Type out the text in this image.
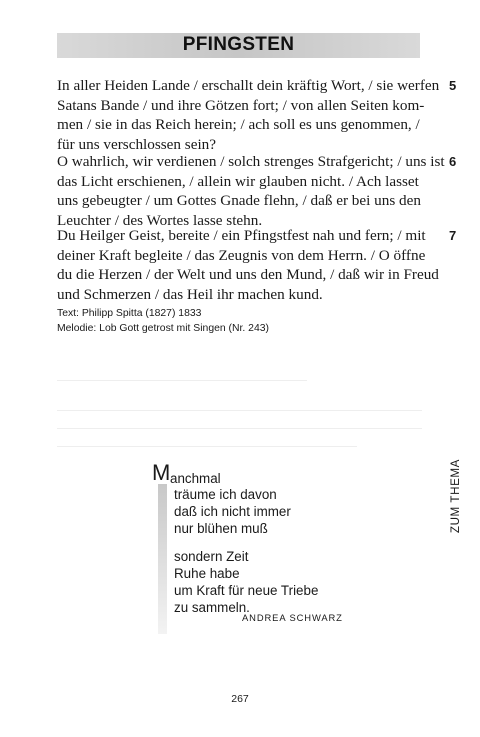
PFINGSTEN
In aller Heiden Lande / erschallt dein kräftig Wort, / sie werfen
Satans Bande / und ihre Götzen fort; / von allen Seiten kom-
men / sie in das Reich herein; / ach soll es uns genommen, /
für uns verschlossen sein?
5
O wahrlich, wir verdienen / solch strenges Strafgericht; / uns ist
das Licht erschienen, / allein wir glauben nicht. / Ach lasset
uns gebeugter / um Gottes Gnade flehn, / daß er bei uns den
Leuchter / des Wortes lasse stehn.
6
Du Heilger Geist, bereite / ein Pfingstfest nah und fern; / mit
deiner Kraft begleite / das Zeugnis von dem Herrn. / O öffne
du die Herzen / der Welt und uns den Mund, / daß wir in Freud
und Schmerzen / das Heil ihr machen kund.
7
Text: Philipp Spitta (1827) 1833
Melodie: Lob Gott getrost mit Singen (Nr. 243)
M anchmal
träume ich davon
daß ich nicht immer
nur blühen muß
sondern Zeit
Ruhe habe
um Kraft für neue Triebe
zu sammeln.
ANDREA SCHWARZ
ZUM THEMA
267
